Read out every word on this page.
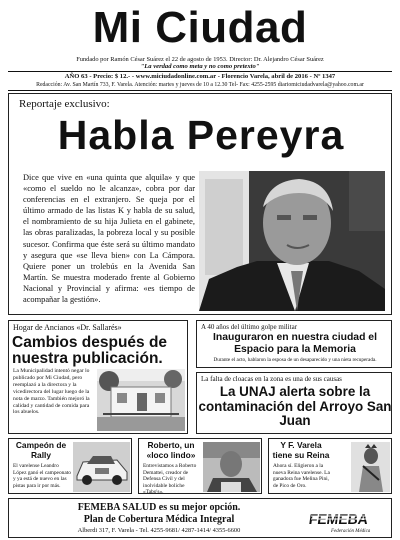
Mi Ciudad
Fundado por Ramón César Suárez el 22 de agosto de 1953. Director: Dr. Alejandro César Suárez
"La verdad como meta y no como pretexto"
AÑO 63 - Precio: $ 12.- - www.miciudadonline.com.ar - Florencio Varela, abril de 2016 - Nº 1347
Redacción: Av. San Martín 733, F. Varela. Atención: martes y jueves de 10 a 12.30 Tel- Fax: 4255-2595 diariomiciudadvarela@yahoo.com.ar
Reportaje exclusivo:
Habla Pereyra
Dice que vive en «una quinta que alquila» y que «como el sueldo no le alcanza», cobra por dar conferencias en el extranjero. Se queja por el último armado de las listas K y habla de su salud, el nombramiento de su hija Julieta en el gabinete, las obras paralizadas, la pobreza local y su posible sucesor. Confirma que éste será su último mandato y asegura que «se lleva bien» con La Cámpora. Quiere poner un trolebús en la Avenida San Martín. Se muestra moderado frente al Gobierno Nacional y Provincial y afirma: «es tiempo de acompañar la gestión».
Hogar de Ancianos «Dr. Sallarés»
Cambios después de nuestra publicación.
La Municipalidad intentó negar lo publicado por Mi Ciudad, pero reemplazó a la directora y la vicedirectora del lugar luego de la nota de marzo. También mejoró la calidad y cantidad de comida para los abuelos.
A 40 años del último golpe militar
Inauguraron en nuestra ciudad el Espacio para la Memoria
Durante el acto, hablaron la esposa de un desaparecido y una nieta recuperada.
La falta de cloacas en la zona es una de sus causas
La UNAJ alerta sobre la contaminación del Arroyo San Juan
Campeón de Rally
El varelense Leandro López ganó el campeonato y ya está de nuevo en las pistas para ir por más.
Roberto, un «loco lindo»
Entrevistamos a Roberto Demattei, creador de Defensa Civil y del inolvidable boliche «Tabo's».
Y F. Varela tiene su Reina
Ahora sí. Eligieron a la nueva Reina varelense. La ganadora fue Melina Pini, de Pico de Oro.
FEMEBA SALUD es su mejor opción.
Plan de Cobertura Médica Integral
Alberdi 317, F. Varela - Tel. 4255-9681/ 4287-1414/ 4355-6600
FEMEBA
Federación Médica
